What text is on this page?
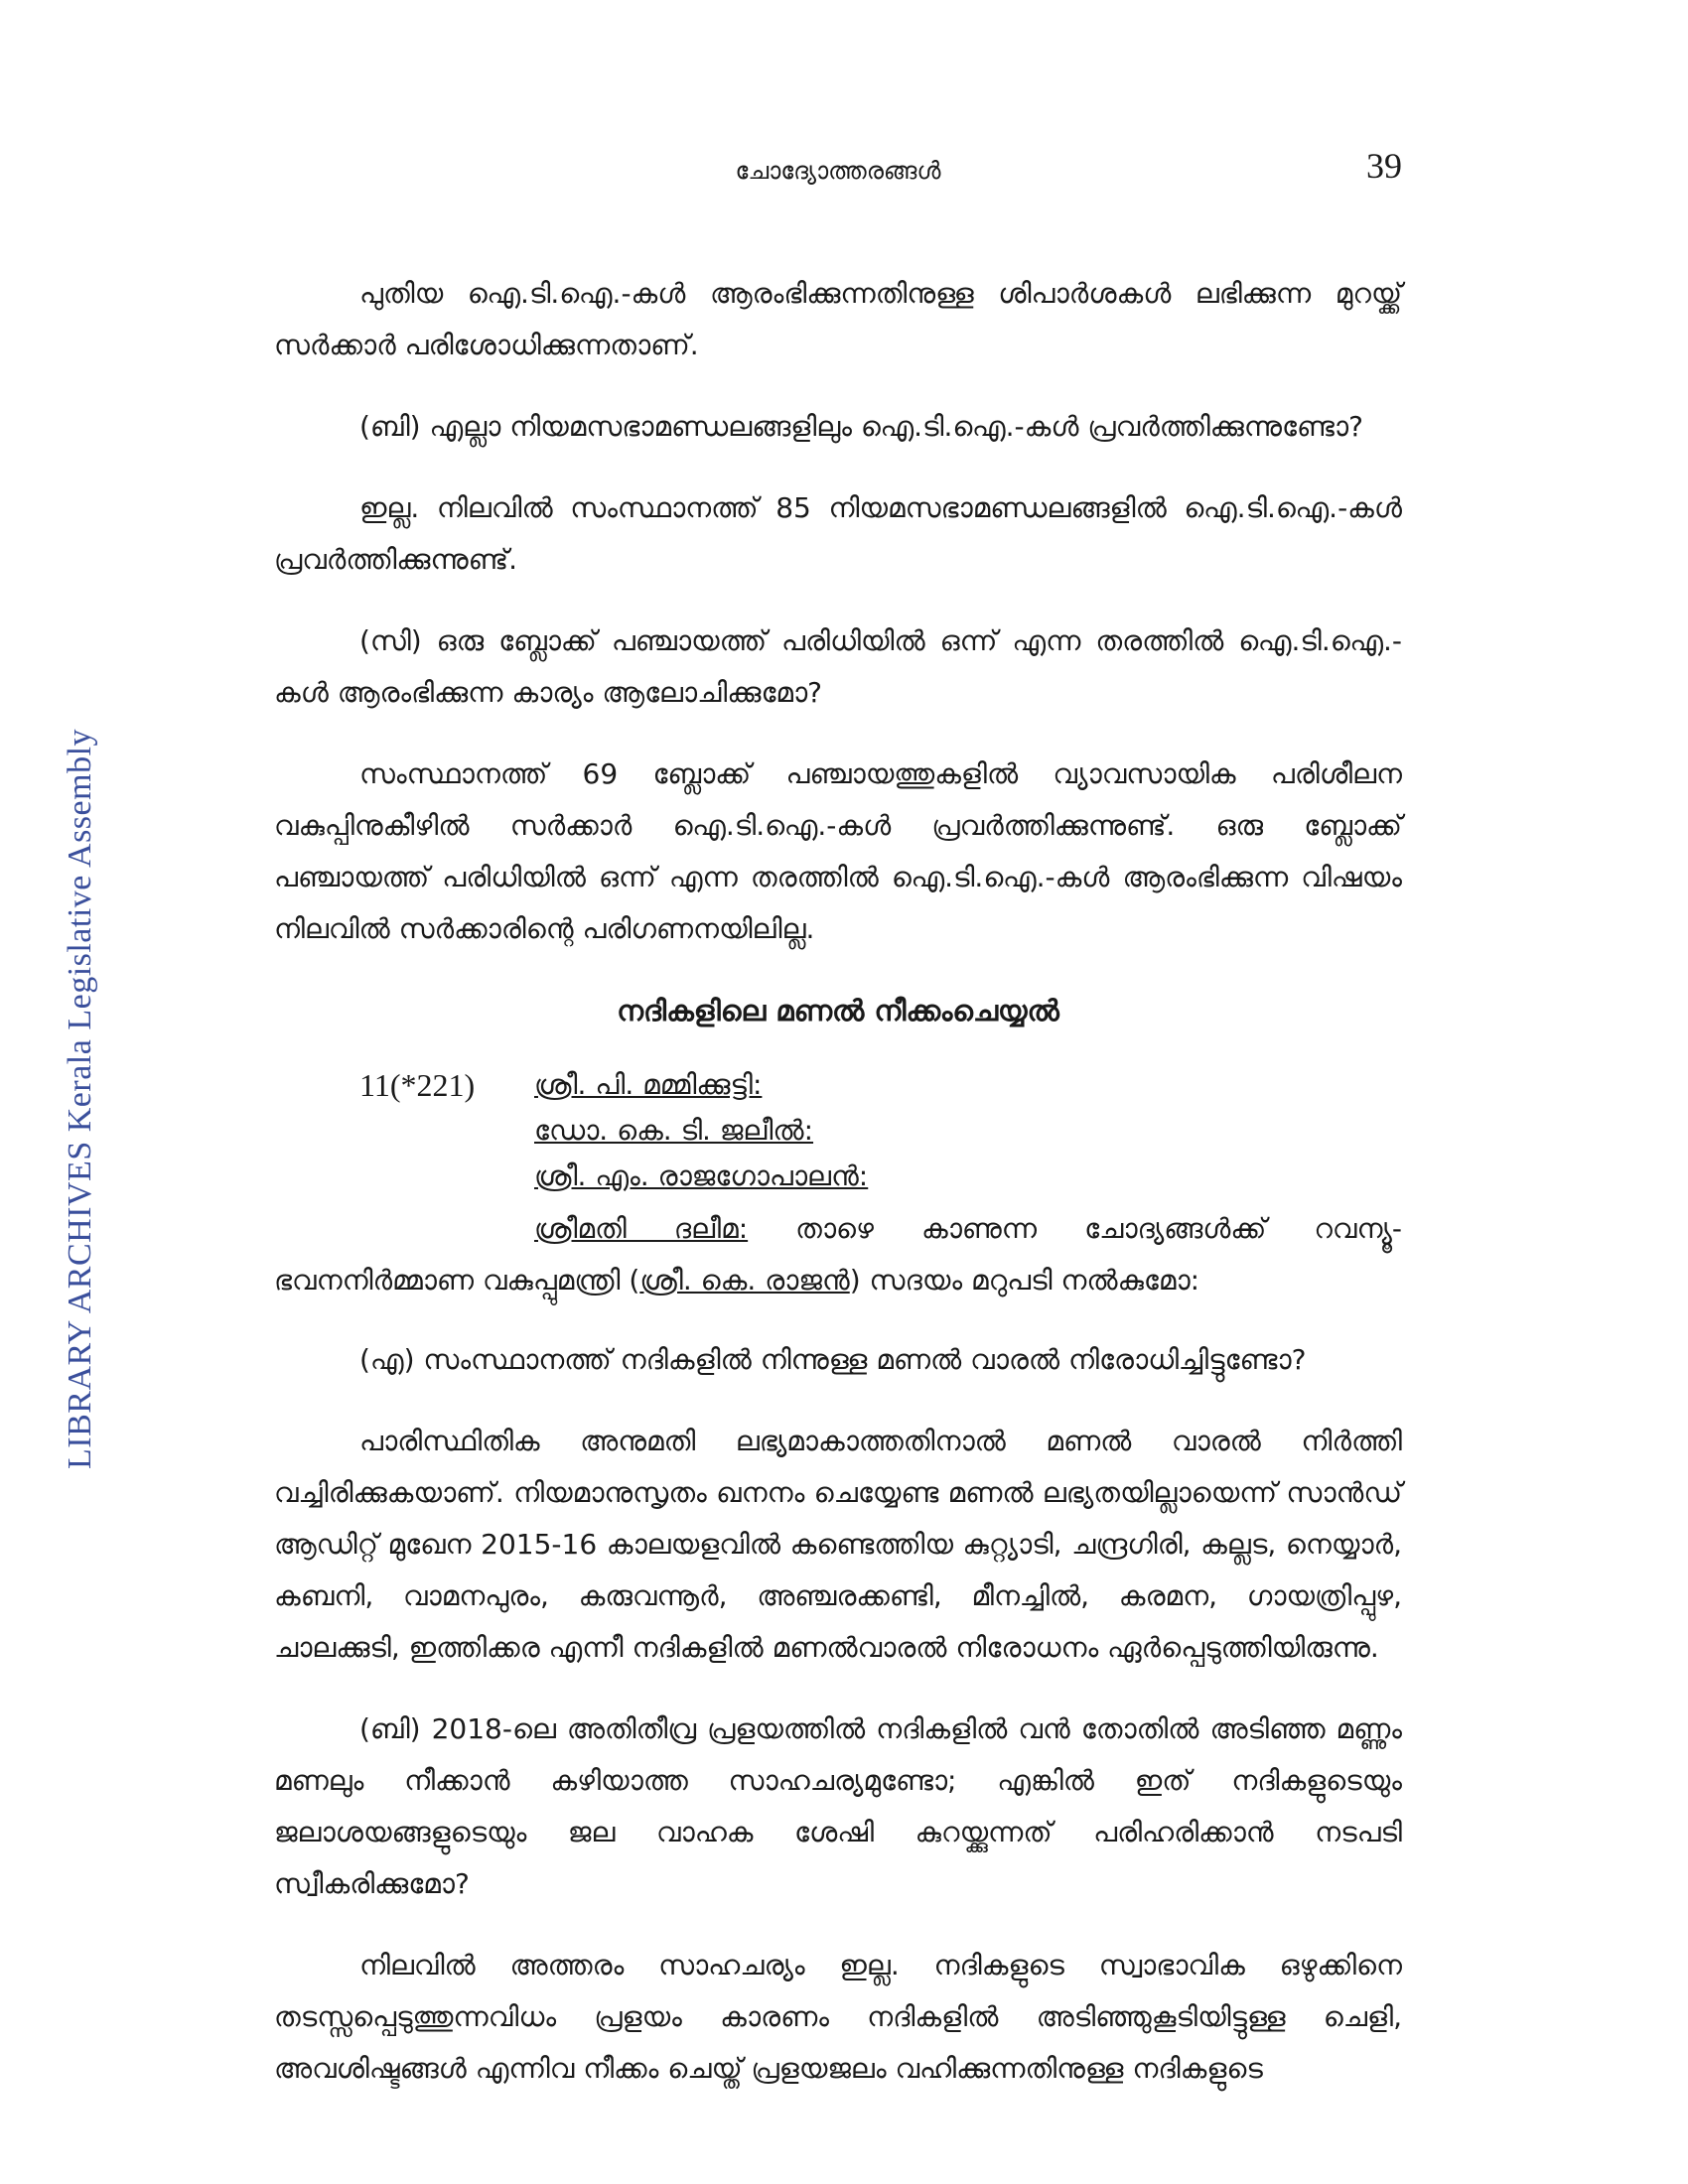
LIBRARY ARCHIVES Kerala Legislative Assembly
ചോദ്യോത്തരങ്ങൾ	39

പുതിയ ഐ.ടി.ഐ.-കൾ ആരംഭിക്കുന്നതിനുള്ള ശിപാർശകൾ ലഭിക്കുന്ന മുറയ്ക്ക് സർക്കാർ പരിശോധിക്കുന്നതാണ്.

(ബി) എല്ലാ നിയമസഭാമണ്ഡലങ്ങളിലും ഐ.ടി.ഐ.-കൾ പ്രവർത്തിക്കുന്നുണ്ടോ?

ഇല്ല. നിലവിൽ സംസ്ഥാനത്ത് 85 നിയമസഭാമണ്ഡലങ്ങളിൽ ഐ.ടി.ഐ.-കൾ പ്രവർത്തിക്കുന്നുണ്ട്.

(സി) ഒരു ബ്ലോക്ക് പഞ്ചായത്ത് പരിധിയിൽ ഒന്ന് എന്ന തരത്തിൽ ഐ.ടി.ഐ.- കൾ ആരംഭിക്കുന്ന കാര്യം ആലോചിക്കുമോ?

സംസ്ഥാനത്ത് 69 ബ്ലോക്ക് പഞ്ചായത്തുകളിൽ വ്യാവസായിക പരിശീലന വകുപ്പിനുകീഴിൽ സർക്കാർ ഐ.ടി.ഐ.-കൾ പ്രവർത്തിക്കുന്നുണ്ട്. ഒരു ബ്ലോക്ക് പഞ്ചായത്ത് പരിധിയിൽ ഒന്ന് എന്ന തരത്തിൽ ഐ.ടി.ഐ.-കൾ ആരംഭിക്കുന്ന വിഷയം നിലവിൽ സർക്കാരിന്റെ പരിഗണനയിലില്ല.

നദികളിലെ മണൽ നീക്കംചെയ്യൽ
11(*221)	ശ്രീ. പി. മമ്മിക്കുട്ടി:
ഡോ. കെ. ടി. ജലീൽ:
ശ്രീ. എം. രാജഗോപാലൻ:
ശ്രീമതി ദലീമ: താഴെ കാണുന്ന ചോദ്യങ്ങൾക്ക് റവന്യൂ-ഭവനനിർമ്മാണ വകുപ്പുമന്ത്രി (ശ്രീ. കെ. രാജൻ) സദയം മറുപടി നൽകുമോ:

(എ) സംസ്ഥാനത്ത് നദികളിൽ നിന്നുള്ള മണൽ വാരൽ നിരോധിച്ചിട്ടുണ്ടോ?

പാരിസ്ഥിതിക അനുമതി ലഭ്യമാകാത്തതിനാൽ മണൽ വാരൽ നിർത്തി വച്ചിരിക്കുകയാണ്. നിയമാനുസൃതം ഖനനം ചെയ്യേണ്ട മണൽ ലഭ്യതയില്ലായെന്ന് സാൻഡ് ആഡിറ്റ് മുഖേന 2015-16 കാലയളവിൽ കണ്ടെത്തിയ കുറ്റ്യാടി, ചന്ദ്രഗിരി, കല്ലട, നെയ്യാർ, കബനി, വാമനപുരം, കരുവന്നൂർ, അഞ്ചരക്കണ്ടി, മീനച്ചിൽ, കരമന, ഗായത്രിപ്പുഴ, ചാലക്കുടി, ഇത്തിക്കര എന്നീ നദികളിൽ മണൽവാരൽ നിരോധനം ഏർപ്പെടുത്തിയിരുന്നു.

(ബി) 2018-ലെ അതിതീവ്ര പ്രളയത്തിൽ നദികളിൽ വൻ തോതിൽ അടിഞ്ഞ മണ്ണും മണലും നീക്കാൻ കഴിയാത്ത സാഹചര്യമുണ്ടോ; എങ്കിൽ ഇത് നദികളുടെയും ജലാശയങ്ങളുടെയും ജല വാഹക ശേഷി കുറയ്ക്കുന്നത് പരിഹരിക്കാൻ നടപടി സ്വീകരിക്കുമോ?

നിലവിൽ അത്തരം സാഹചര്യം ഇല്ല. നദികളുടെ സ്വാഭാവിക ഒഴുക്കിനെ തടസ്സപ്പെടുത്തുന്നവിധം പ്രളയം കാരണം നദികളിൽ അടിഞ്ഞുകൂടിയിട്ടുള്ള ചെളി, അവശിഷ്ടങ്ങൾ എന്നിവ നീക്കം ചെയ്ത് പ്രളയജലം വഹിക്കുന്നതിനുള്ള നദികളുടെ
